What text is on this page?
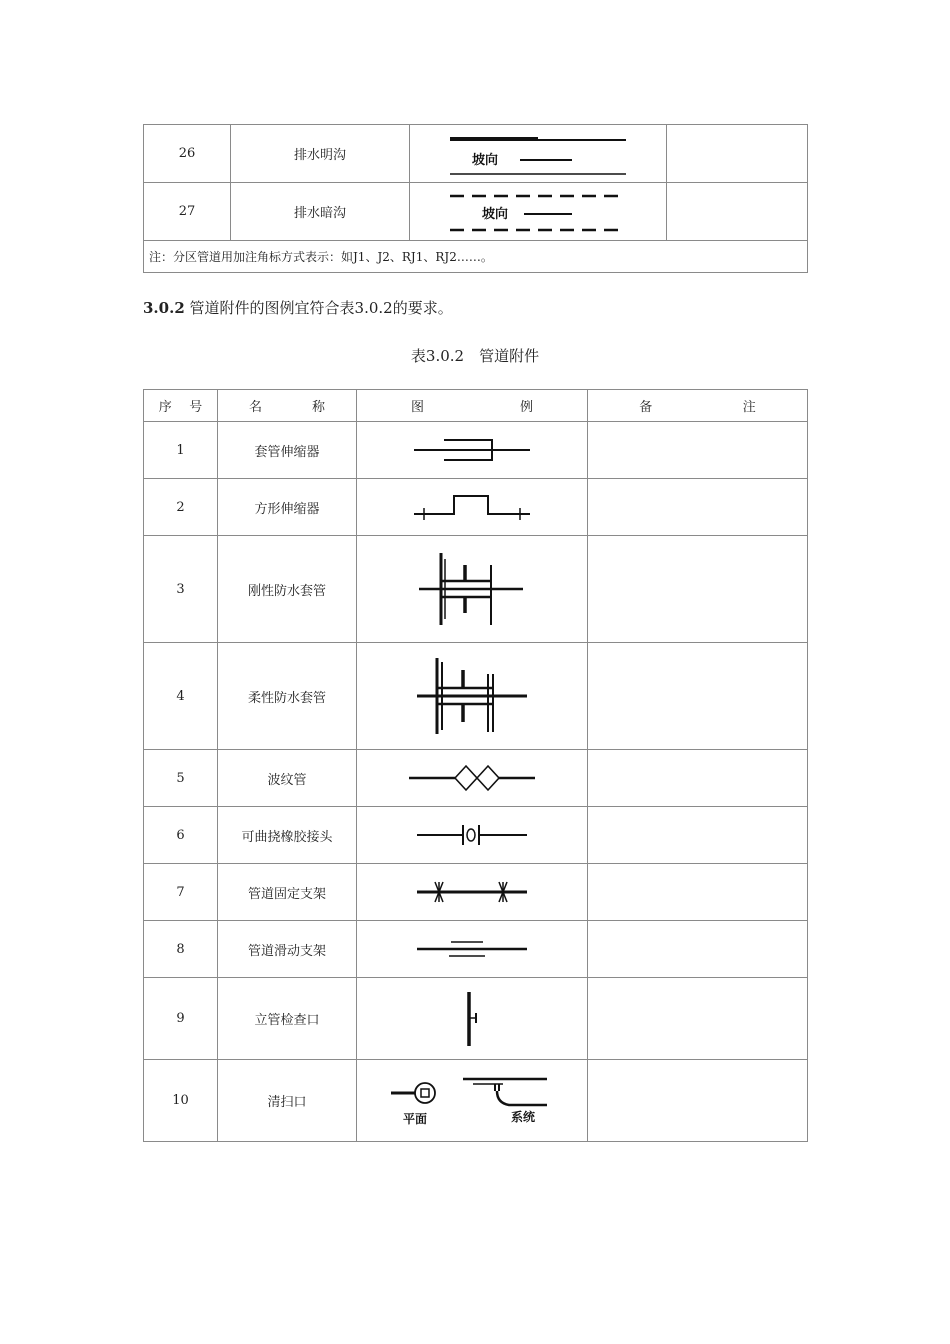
26	排水明沟	坡向	

27	排水暗沟	坡向	

注：分区管道用加注角标方式表示：如J1、J2、RJ1、RJ2……。			
3.0.2 管道附件的图例宜符合表3.0.2的要求。
表3.0.2　管道附件
序 号	名 称	图 例	备 注

1	套管伸缩器	

2	方形伸缩器	

3	刚性防水套管	

4	柔性防水套管	

5	波纹管	

6	可曲挠橡胶接头	

7	管道固定支架	

8	管道滑动支架	

9	立管检查口	

10	清扫口	平面 系统	
